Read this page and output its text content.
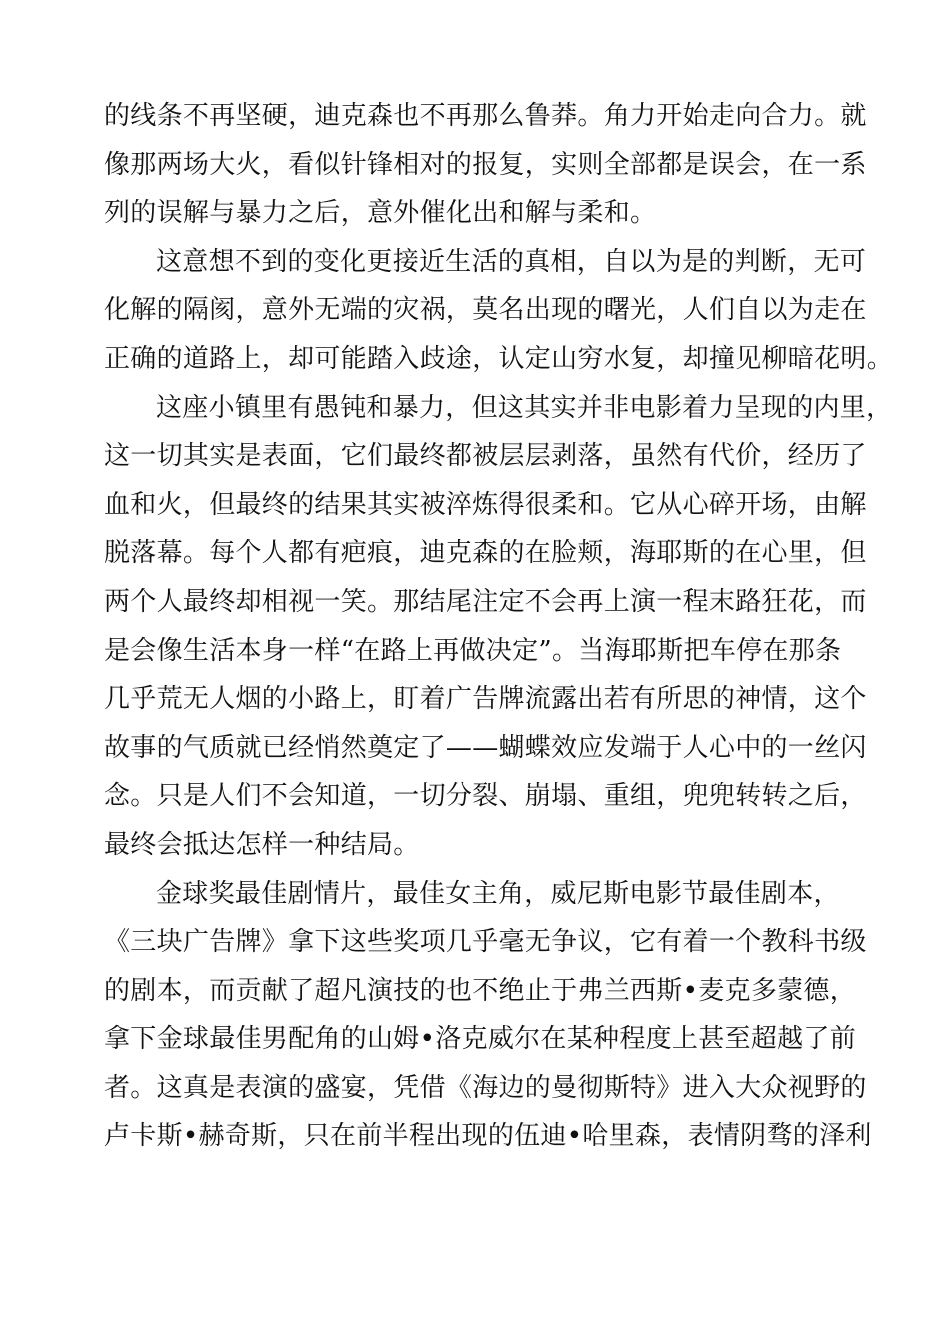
的线条不再坚硬，迪克森也不再那么鲁莽。角力开始走向合力。就
像那两场大火，看似针锋相对的报复，实则全部都是误会，在一系
列的误解与暴力之后，意外催化出和解与柔和。
这意想不到的变化更接近生活的真相，自以为是的判断，无可
化解的隔阂，意外无端的灾祸，莫名出现的曙光，人们自以为走在
正确的道路上，却可能踏入歧途，认定山穷水复，却撞见柳暗花明。
这座小镇里有愚钝和暴力，但这其实并非电影着力呈现的内里，
这一切其实是表面，它们最终都被层层剥落，虽然有代价，经历了
血和火，但最终的结果其实被淬炼得很柔和。它从心碎开场，由解
脱落幕。每个人都有疤痕，迪克森的在脸颊，海耶斯的在心里，但
两个人最终却相视一笑。那结尾注定不会再上演一程末路狂花，而
是会像生活本身一样“在路上再做决定”。当海耶斯把车停在那条
几乎荒无人烟的小路上，盯着广告牌流露出若有所思的神情，这个
故事的气质就已经悄然奠定了——蝴蝶效应发端于人心中的一丝闪
念。只是人们不会知道，一切分裂、崩塌、重组，兜兜转转之后，
最终会抵达怎样一种结局。
金球奖最佳剧情片，最佳女主角，威尼斯电影节最佳剧本，
《三块广告牌》拿下这些奖项几乎毫无争议，它有着一个教科书级
的剧本，而贡献了超凡演技的也不绝止于弗兰西斯•麦克多蒙德，
拿下金球最佳男配角的山姆•洛克威尔在某种程度上甚至超越了前
者。这真是表演的盛宴，凭借《海边的曼彻斯特》进入大众视野的
卢卡斯•赫奇斯，只在前半程出现的伍迪•哈里森，表情阴骛的泽利
